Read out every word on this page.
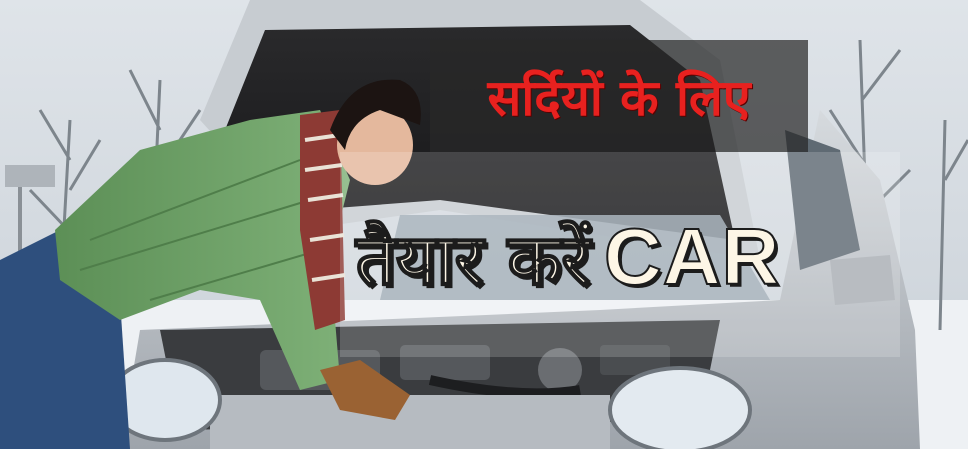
सर्दियों के लिए
तैयार करें CAR
